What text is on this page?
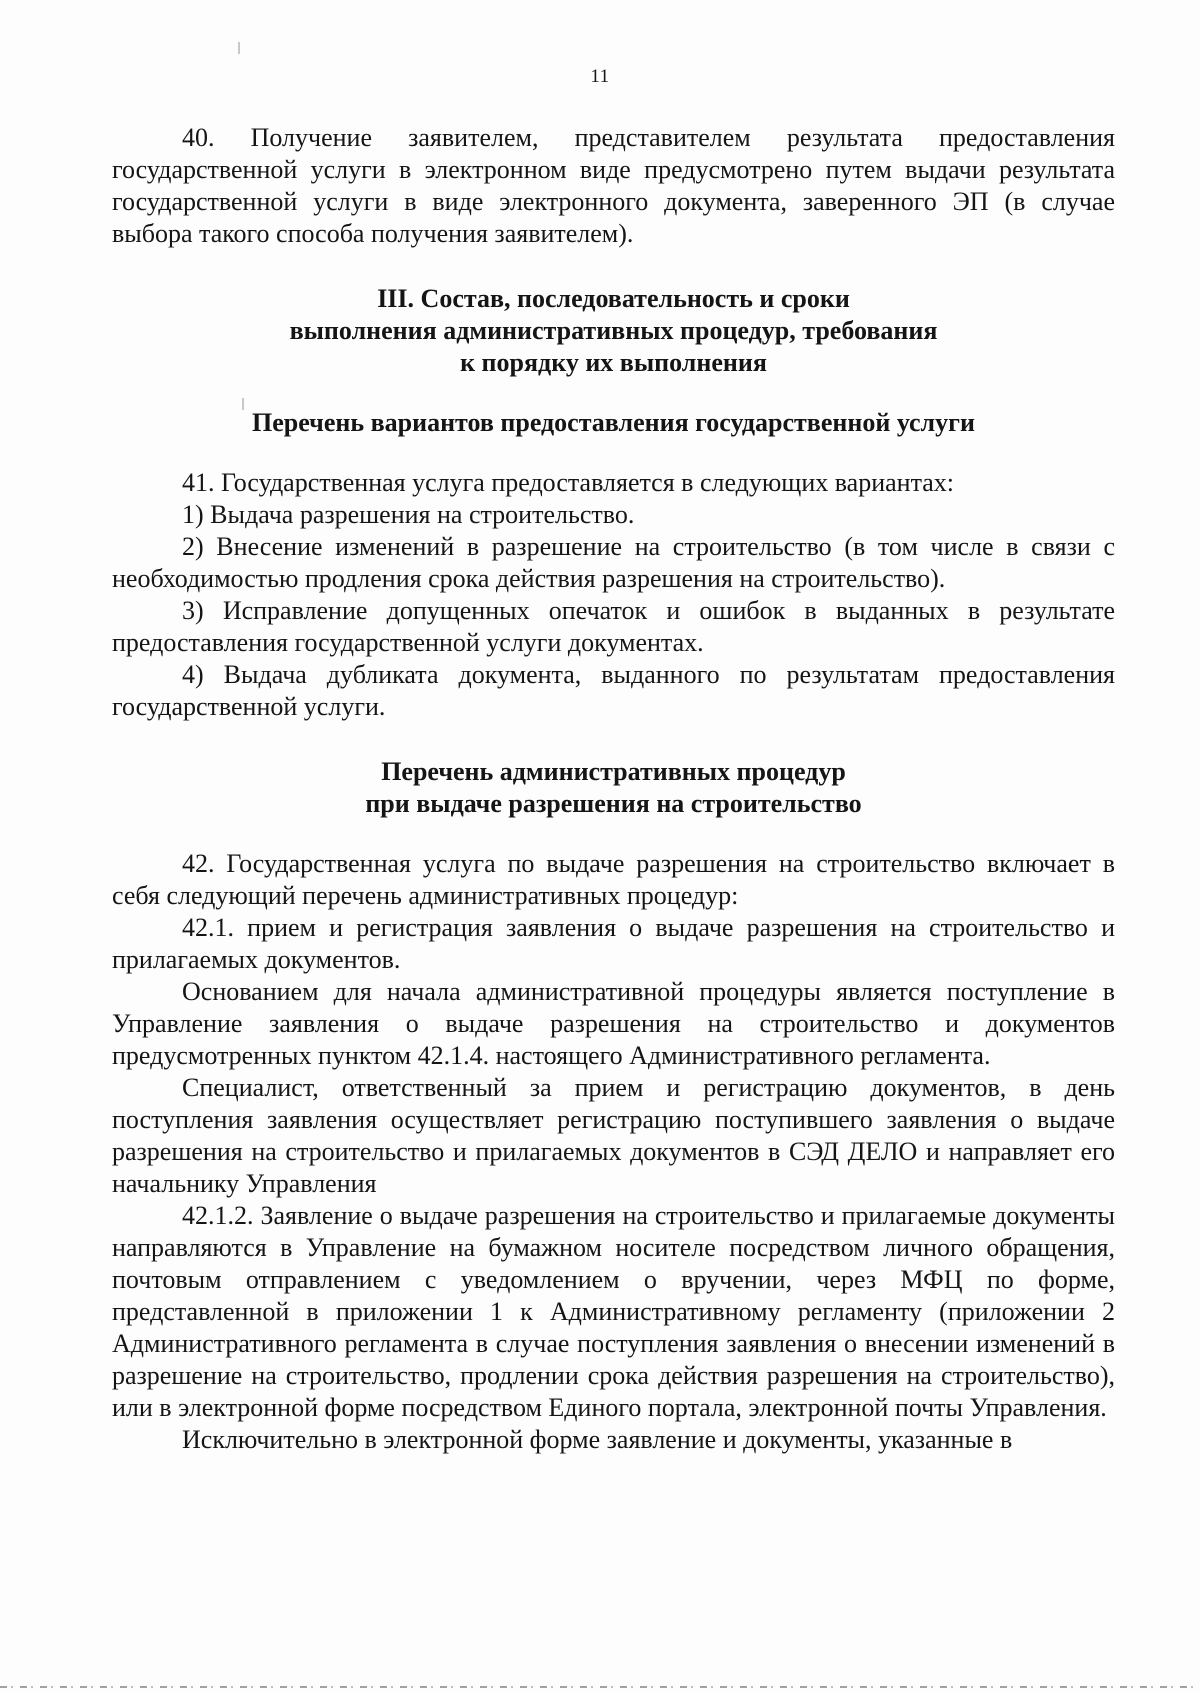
11

40. Получение заявителем, представителем результата предоставления государственной услуги в электронном виде предусмотрено путем выдачи результата государственной услуги в виде электронного документа, заверенного ЭП (в случае выбора такого способа получения заявителем).

III. Состав, последовательность и сроки

выполнения административных процедур, требования

к порядку их выполнения

Перечень вариантов предоставления государственной услуги

41. Государственная услуга предоставляется в следующих вариантах:

1) Выдача разрешения на строительство.

2) Внесение изменений в разрешение на строительство (в том числе в связи с необходимостью продления срока действия разрешения на строительство).

3) Исправление допущенных опечаток и ошибок в выданных в результате предоставления государственной услуги документах.

4) Выдача дубликата документа, выданного по результатам предоставления государственной услуги.

Перечень административных процедур

при выдаче разрешения на строительство

42. Государственная услуга по выдаче разрешения на строительство включает в себя следующий перечень административных процедур:

42.1. прием и регистрация заявления о выдаче разрешения на строительство и прилагаемых документов.

Основанием для начала административной процедуры является поступление в Управление заявления о выдаче разрешения на строительство и документов предусмотренных пунктом 42.1.4. настоящего Административного регламента.

Специалист, ответственный за прием и регистрацию документов, в день поступления заявления осуществляет регистрацию поступившего заявления о выдаче разрешения на строительство и прилагаемых документов в СЭД ДЕЛО и направляет его начальнику Управления

42.1.2. Заявление о выдаче разрешения на строительство и прилагаемые документы направляются в Управление на бумажном носителе посредством личного обращения, почтовым отправлением с уведомлением о вручении, через МФЦ по форме, представленной в приложении 1 к Административному регламенту (приложении 2 Административного регламента в случае поступления заявления о внесении изменений в разрешение на строительство, продлении срока действия разрешения на строительство), или в электронной форме посредством Единого портала, электронной почты Управления.

Исключительно в электронной форме заявление и документы, указанные в
